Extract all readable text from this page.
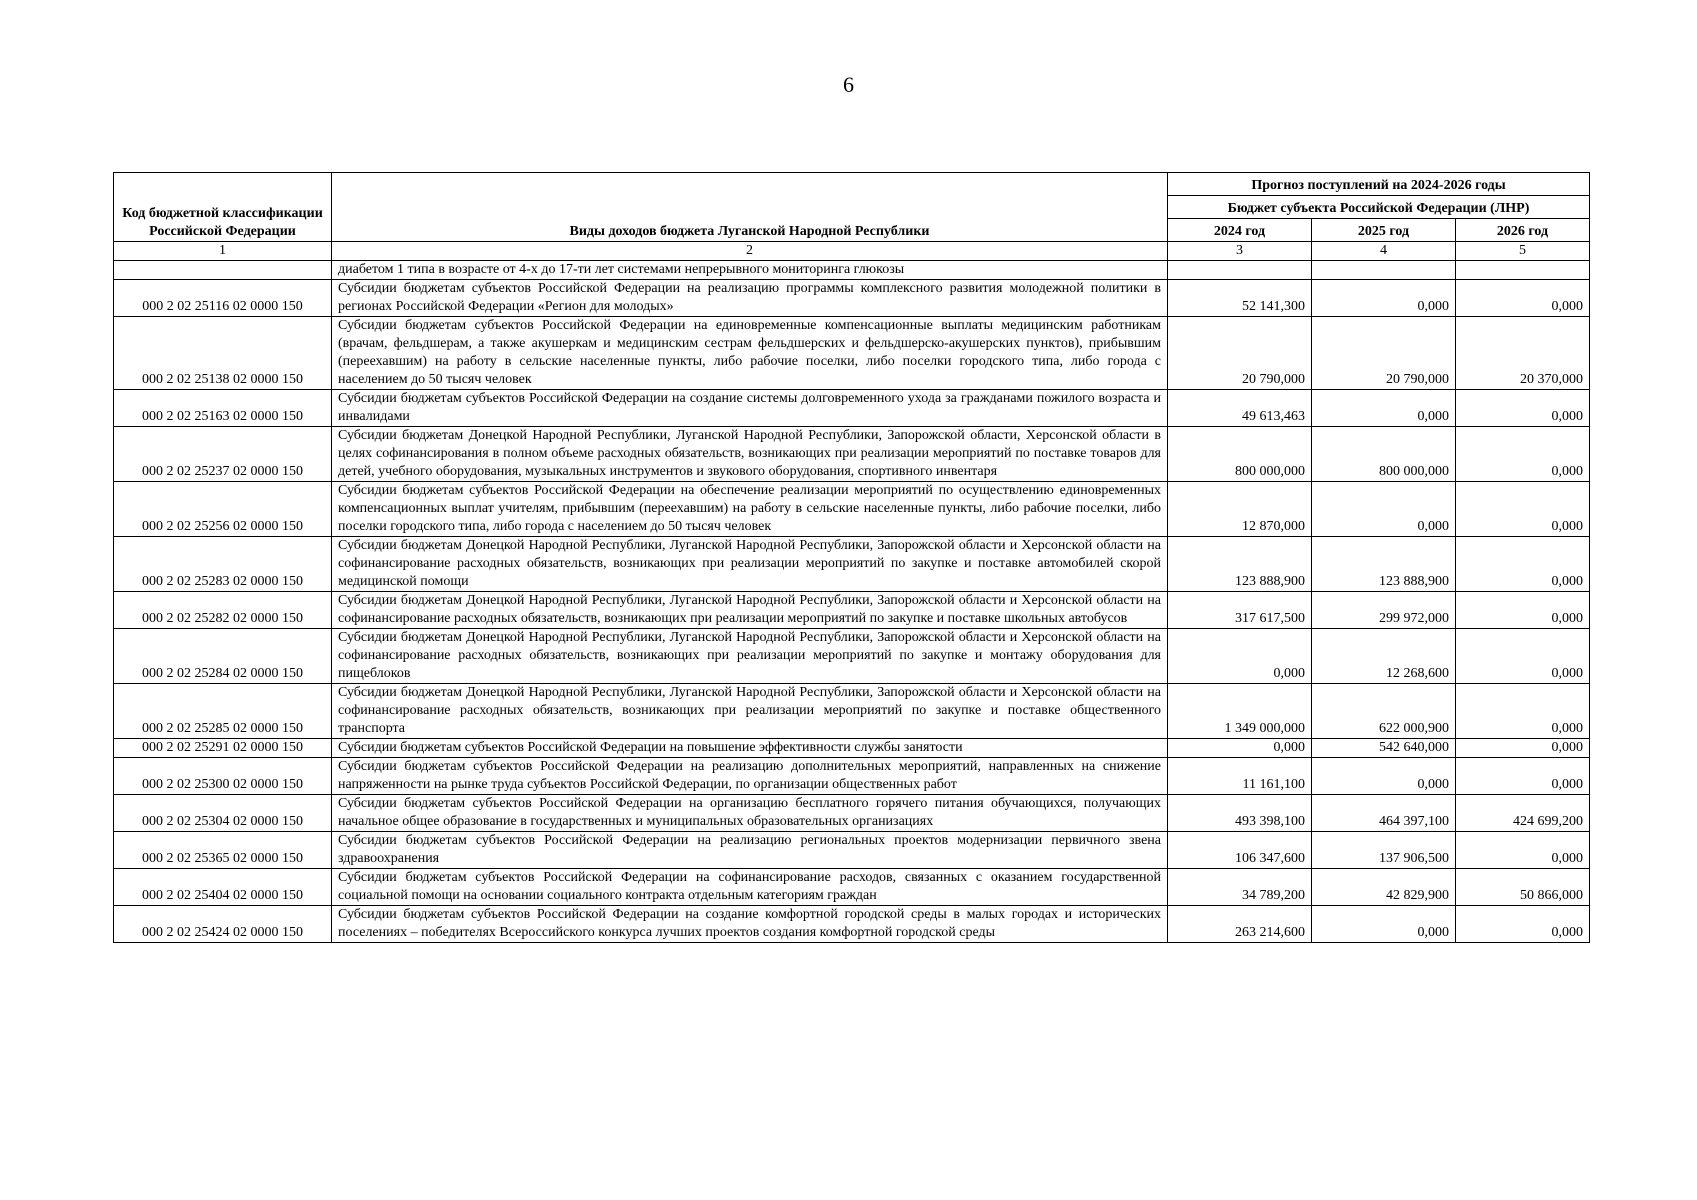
6
Код бюджетной классификации Российской Федерации	Виды доходов бюджета Луганской Народной Республики	Прогноз поступлений на 2024-2026 годы		
		Бюджет субъекта Российской Федерации (ЛНР)		
		2024 год	2025 год	2026 год
1	2	3	4	5
	диабетом 1 типа в возрасте от 4-х до 17-ти лет системами непрерывного мониторинга глюкозы			
000 2 02 25116 02 0000 150	Субсидии бюджетам субъектов Российской Федерации на реализацию программы комплексного развития молодежной политики в регионах Российской Федерации «Регион для молодых»	52 141,300	0,000	0,000
000 2 02 25138 02 0000 150	Субсидии бюджетам субъектов Российской Федерации на единовременные компенсационные выплаты медицинским работникам (врачам, фельдшерам, а также акушеркам и медицинским сестрам фельдшерских и фельдшерско-акушерских пунктов), прибывшим (переехавшим) на работу в сельские населенные пункты, либо рабочие поселки, либо поселки городского типа, либо города с населением до 50 тысяч человек	20 790,000	20 790,000	20 370,000
000 2 02 25163 02 0000 150	Субсидии бюджетам субъектов Российской Федерации на создание системы долговременного ухода за гражданами пожилого возраста и инвалидами	49 613,463	0,000	0,000
000 2 02 25237 02 0000 150	Субсидии бюджетам Донецкой Народной Республики, Луганской Народной Республики, Запорожской области, Херсонской области в целях софинансирования в полном объеме расходных обязательств, возникающих при реализации мероприятий по поставке товаров для детей, учебного оборудования, музыкальных инструментов и звукового оборудования, спортивного инвентаря	800 000,000	800 000,000	0,000
000 2 02 25256 02 0000 150	Субсидии бюджетам субъектов Российской Федерации на обеспечение реализации мероприятий по осуществлению единовременных компенсационных выплат учителям, прибывшим (переехавшим) на работу в сельские населенные пункты, либо рабочие поселки, либо поселки городского типа, либо города с населением до 50 тысяч человек	12 870,000	0,000	0,000
000 2 02 25283 02 0000 150	Субсидии бюджетам Донецкой Народной Республики, Луганской Народной Республики, Запорожской области и Херсонской области на софинансирование расходных обязательств, возникающих при реализации мероприятий по закупке и поставке автомобилей скорой медицинской помощи	123 888,900	123 888,900	0,000
000 2 02 25282 02 0000 150	Субсидии бюджетам Донецкой Народной Республики, Луганской Народной Республики, Запорожской области и Херсонской области на софинансирование расходных обязательств, возникающих при реализации мероприятий по закупке и поставке школьных автобусов	317 617,500	299 972,000	0,000
000 2 02 25284 02 0000 150	Субсидии бюджетам Донецкой Народной Республики, Луганской Народной Республики, Запорожской области и Херсонской области на софинансирование расходных обязательств, возникающих при реализации мероприятий по закупке и монтажу оборудования для пищеблоков	0,000	12 268,600	0,000
000 2 02 25285 02 0000 150	Субсидии бюджетам Донецкой Народной Республики, Луганской Народной Республики, Запорожской области и Херсонской области на софинансирование расходных обязательств, возникающих при реализации мероприятий по закупке и поставке общественного транспорта	1 349 000,000	622 000,900	0,000
000 2 02 25291 02 0000 150	Субсидии бюджетам субъектов Российской Федерации на повышение эффективности службы занятости	0,000	542 640,000	0,000
000 2 02 25300 02 0000 150	Субсидии бюджетам субъектов Российской Федерации на реализацию дополнительных мероприятий, направленных на снижение напряженности на рынке труда субъектов Российской Федерации, по организации общественных работ	11 161,100	0,000	0,000
000 2 02 25304 02 0000 150	Субсидии бюджетам субъектов Российской Федерации на организацию бесплатного горячего питания обучающихся, получающих начальное общее образование в государственных и муниципальных образовательных организациях	493 398,100	464 397,100	424 699,200
000 2 02 25365 02 0000 150	Субсидии бюджетам субъектов Российской Федерации на реализацию региональных проектов модернизации первичного звена здравоохранения	106 347,600	137 906,500	0,000
000 2 02 25404 02 0000 150	Субсидии бюджетам субъектов Российской Федерации на софинансирование расходов, связанных с оказанием государственной социальной помощи на основании социального контракта отдельным категориям граждан	34 789,200	42 829,900	50 866,000
000 2 02 25424 02 0000 150	Субсидии бюджетам субъектов Российской Федерации на создание комфортной городской среды в малых городах и исторических поселениях – победителях Всероссийского конкурса лучших проектов создания комфортной городской среды	263 214,600	0,000	0,000
